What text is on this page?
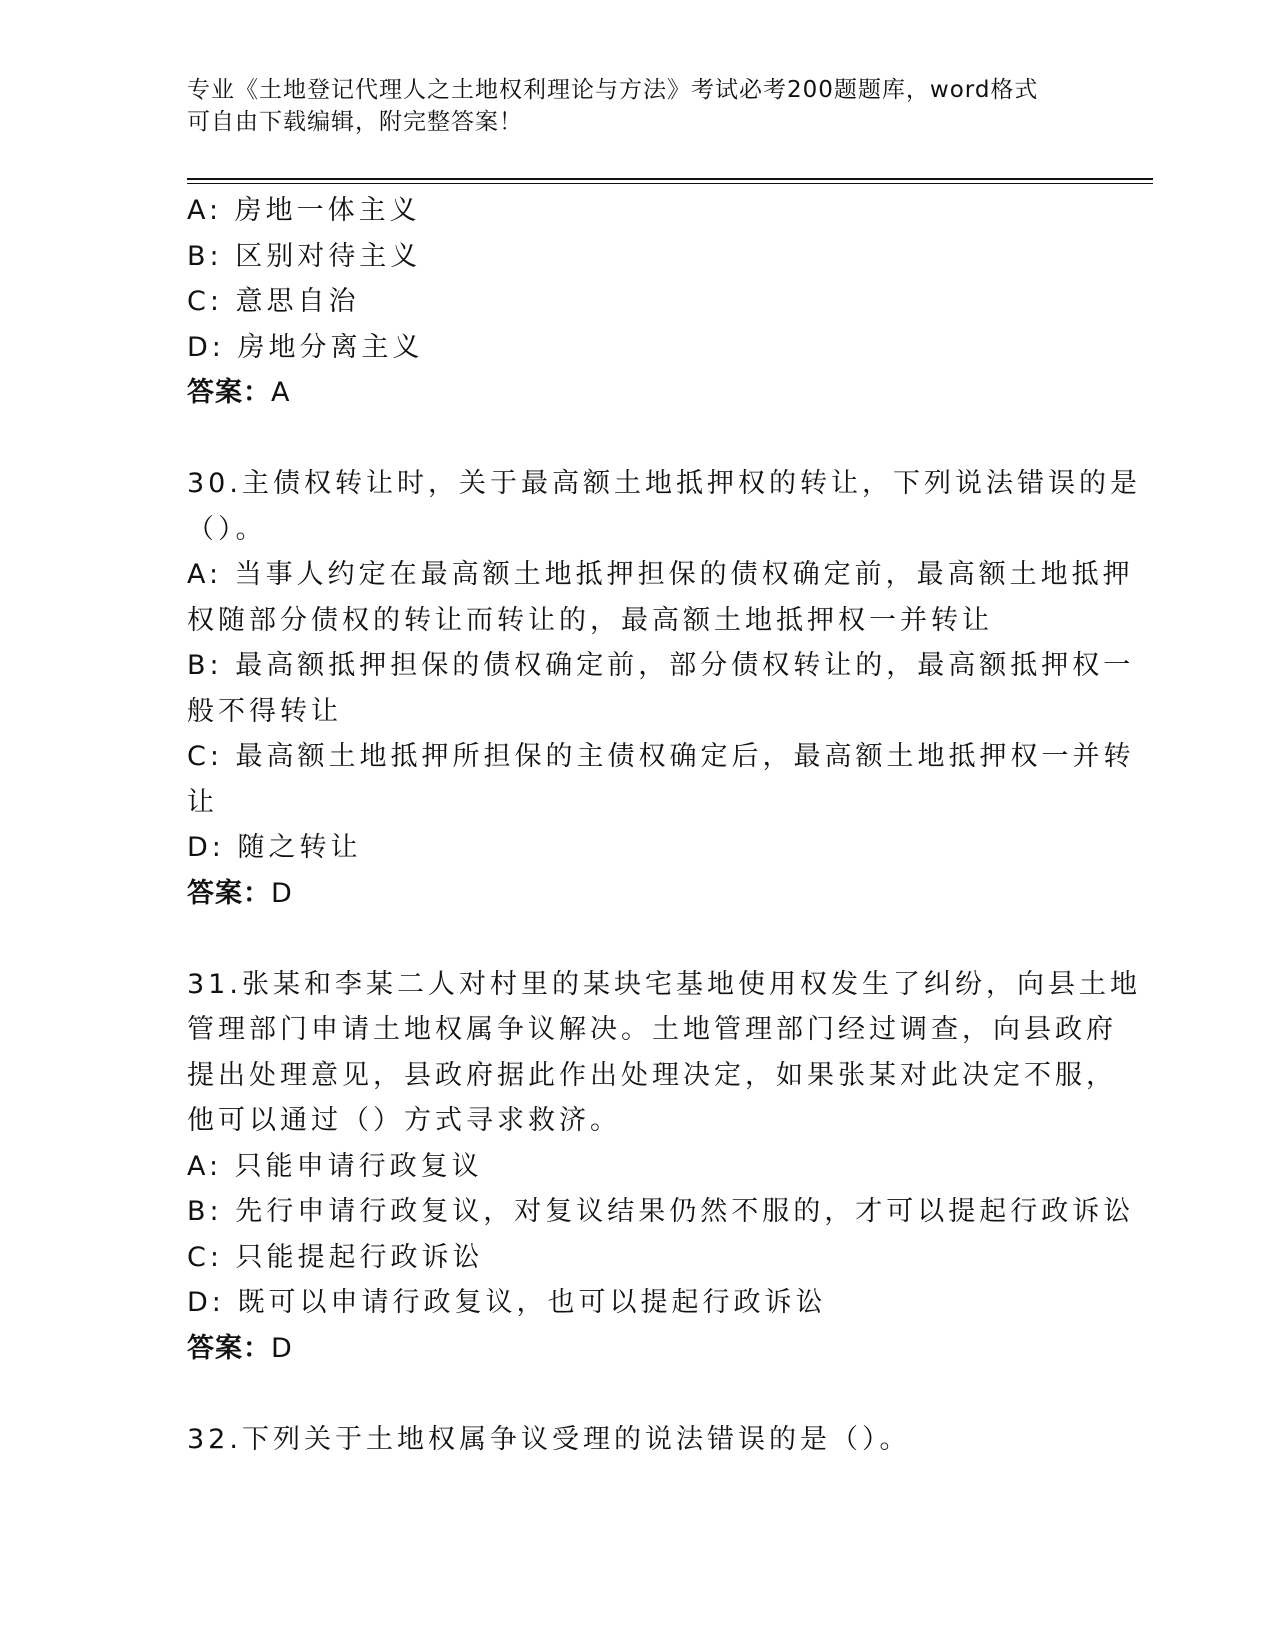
专业《土地登记代理人之土地权利理论与方法》考试必考200题题库，word格式
可自由下载编辑，附完整答案！
A: 房地一体主义
B: 区别对待主义
C: 意思自治
D: 房地分离主义
答案：A
30.主债权转让时，关于最高额土地抵押权的转让，下列说法错误的是
（）。
A: 当事人约定在最高额土地抵押担保的债权确定前，最高额土地抵押
权随部分债权的转让而转让的，最高额土地抵押权一并转让
B: 最高额抵押担保的债权确定前，部分债权转让的，最高额抵押权一
般不得转让
C: 最高额土地抵押所担保的主债权确定后，最高额土地抵押权一并转
让
D: 随之转让
答案：D
31.张某和李某二人对村里的某块宅基地使用权发生了纠纷，向县土地
管理部门申请土地权属争议解决。土地管理部门经过调查，向县政府
提出处理意见，县政府据此作出处理决定，如果张某对此决定不服，
他可以通过（）方式寻求救济。
A: 只能申请行政复议
B: 先行申请行政复议，对复议结果仍然不服的，才可以提起行政诉讼
C: 只能提起行政诉讼
D: 既可以申请行政复议，也可以提起行政诉讼
答案：D
32.下列关于土地权属争议受理的说法错误的是（）。
